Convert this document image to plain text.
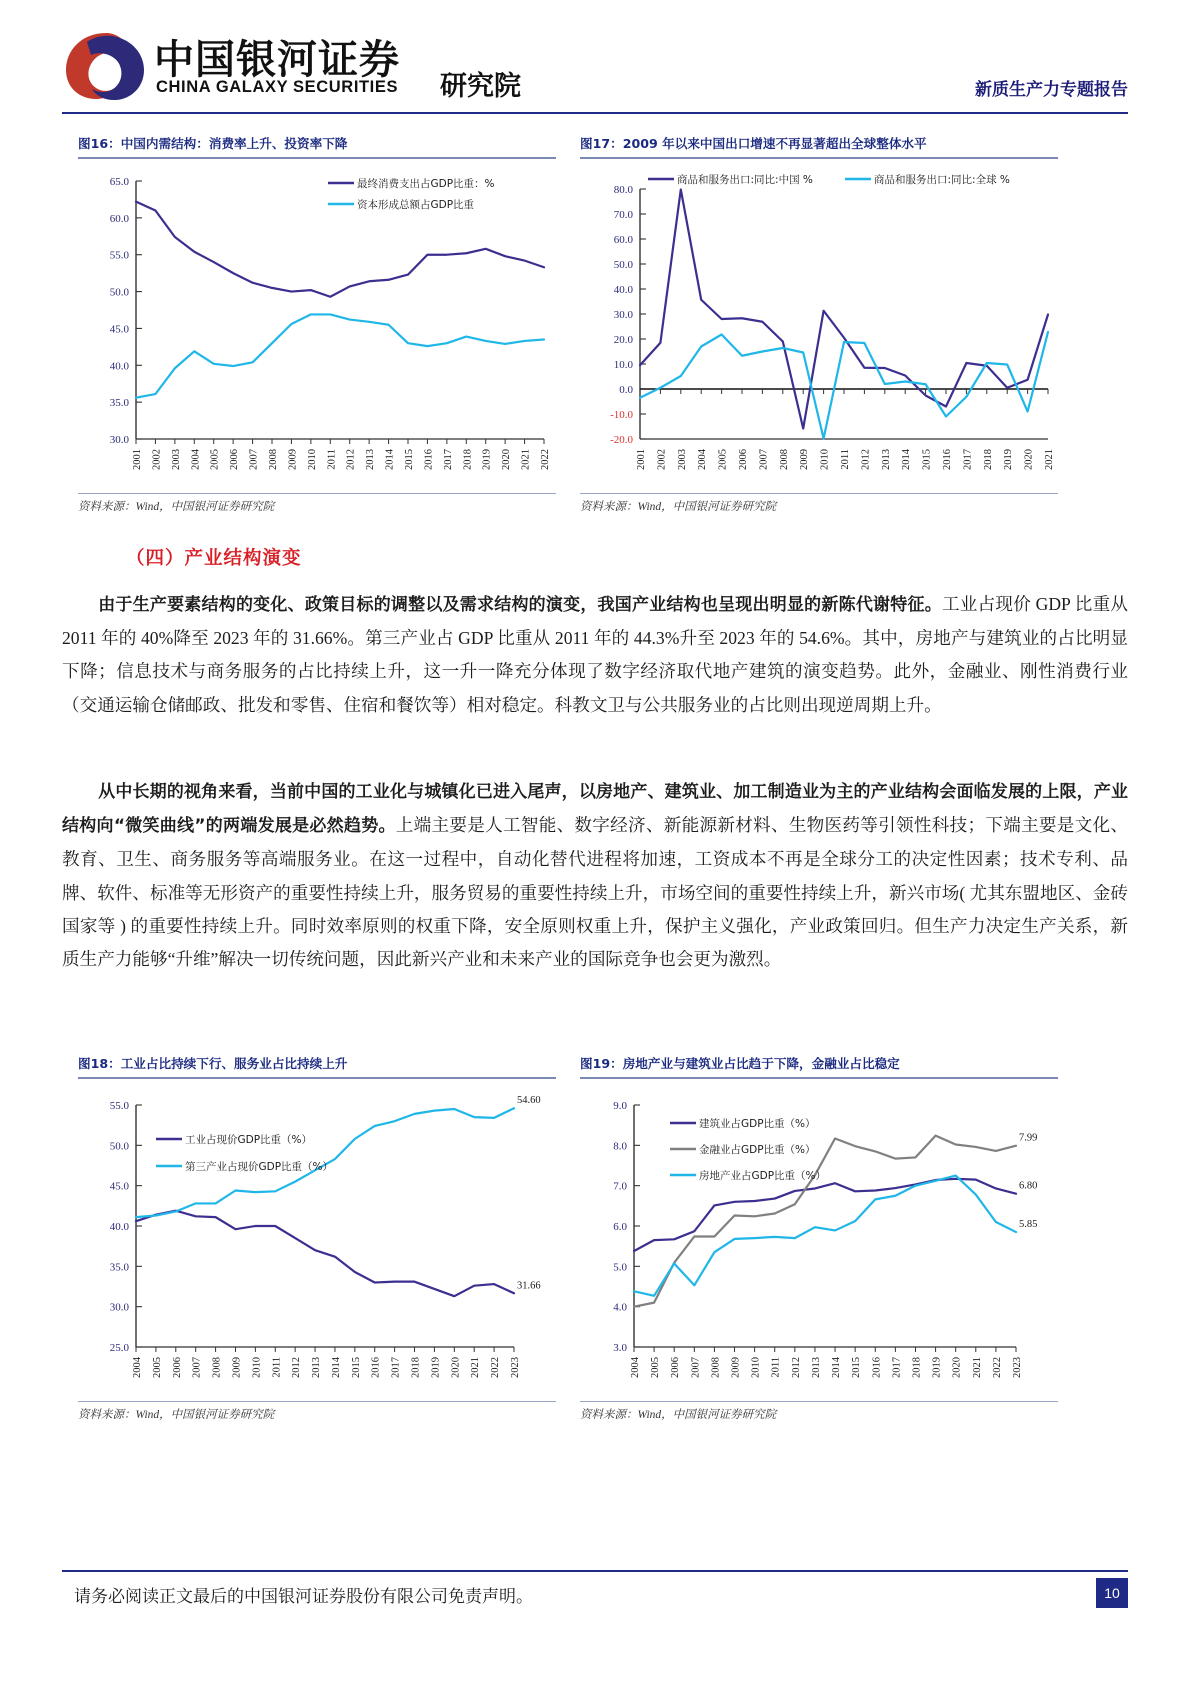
中国银河证券
CHINA GALAXY SECURITIES 研究院	新质生产力专题报告
图16：中国内需结构：消费率上升、投资率下降
30.0
35.0
40.0
45.0
50.0
55.0
60.0
65.0
2001 2002 2003 2004 2005 2006 2007 2008 2009 2010 2011 2012 2013 2014 2015 2016 2017 2018 2019 2020 2021 2022
最终消费支出占GDP比重：%
资本形成总额占GDP比重
资料来源：Wind，中国银河证券研究院
图17：2009 年以来中国出口增速不再显著超出全球整体水平
-20.0
-10.0
0.0
10.0
20.0
30.0
40.0
50.0
60.0
70.0
80.0
2001 2002 2003 2004 2005 2006 2007 2008 2009 2010 2011 2012 2013 2014 2015 2016 2017 2018 2019 2020 2021
商品和服务出口:同比:中国 %	商品和服务出口:同比:全球 %
资料来源：Wind，中国银河证券研究院
（四）产业结构演变
由于生产要素结构的变化、政策目标的调整以及需求结构的演变，我国产业结构也呈现出明显的新陈代谢特征。工业占现价 GDP 比重从 2011 年的 40%降至 2023 年的 31.66%。第三产业占 GDP 比重从 2011 年的 44.3%升至 2023 年的 54.6%。其中，房地产与建筑业的占比明显下降；信息技术与商务服务的占比持续上升，这一升一降充分体现了数字经济取代地产建筑的演变趋势。此外，金融业、刚性消费行业（交通运输仓储邮政、批发和零售、住宿和餐饮等）相对稳定。科教文卫与公共服务业的占比则出现逆周期上升。
从中长期的视角来看，当前中国的工业化与城镇化已进入尾声，以房地产、建筑业、加工制造业为主的产业结构会面临发展的上限，产业结构向“微笑曲线”的两端发展是必然趋势。上端主要是人工智能、数字经济、新能源新材料、生物医药等引领性科技；下端主要是文化、教育、卫生、商务服务等高端服务业。在这一过程中，自动化替代进程将加速，工资成本不再是全球分工的决定性因素；技术专利、品牌、软件、标准等无形资产的重要性持续上升，服务贸易的重要性持续上升，市场空间的重要性持续上升，新兴市场( 尤其东盟地区、金砖国家等 ) 的重要性持续上升。同时效率原则的权重下降，安全原则权重上升，保护主义强化，产业政策回归。但生产力决定生产关系，新质生产力能够“升维”解决一切传统问题，因此新兴产业和未来产业的国际竞争也会更为激烈。
图18：工业占比持续下行、服务业占比持续上升
25.0
30.0
35.0
40.0
45.0
50.0
55.0
2004 2005 2006 2007 2008 2009 2010 2011 2012 2013 2014 2015 2016 2017 2018 2019 2020 2021 2022 2023
31.66
54.60
工业占现价GDP比重（%）
第三产业占现价GDP比重（%）
资料来源：Wind，中国银河证券研究院
图19：房地产业与建筑业占比趋于下降，金融业占比稳定
3.0
4.0
5.0
6.0
7.0
8.0
9.0
2004 2005 2006 2007 2008 2009 2010 2011 2012 2013 2014 2015 2016 2017 2018 2019 2020 2021 2022 2023
6.80
7.99
5.85
建筑业占GDP比重（%）
金融业占GDP比重（%）
房地产业占GDP比重（%）
资料来源：Wind，中国银河证券研究院
请务必阅读正文最后的中国银河证券股份有限公司免责声明。	10
